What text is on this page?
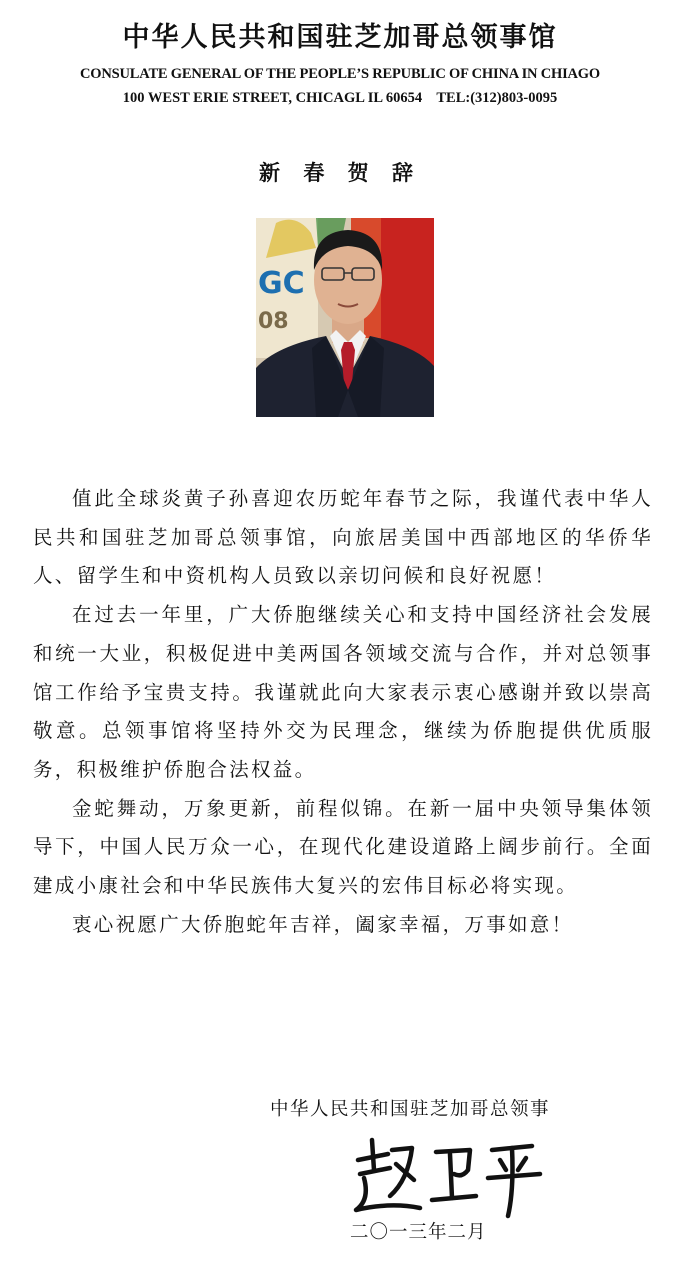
中华人民共和国驻芝加哥总领事馆
CONSULATE GENERAL OF THE PEOPLE’S REPUBLIC OF CHINA IN CHIAGO
100 WEST ERIE STREET, CHICAGL IL 60654    TEL:(312)803-0095
新 春 贺 辞
GC
08

值此全球炎黄子孙喜迎农历蛇年春节之际，我谨代表中华人民共和国驻芝加哥总领事馆，向旅居美国中西部地区的华侨华人、留学生和中资机构人员致以亲切问候和良好祝愿！

在过去一年里，广大侨胞继续关心和支持中国经济社会发展和统一大业，积极促进中美两国各领域交流与合作，并对总领事馆工作给予宝贵支持。我谨就此向大家表示衷心感谢并致以崇高敬意。总领事馆将坚持外交为民理念，继续为侨胞提供优质服务，积极维护侨胞合法权益。

金蛇舞动，万象更新，前程似锦。在新一届中央领导集体领导下，中国人民万众一心，在现代化建设道路上阔步前行。全面建成小康社会和中华民族伟大复兴的宏伟目标必将实现。

衷心祝愿广大侨胞蛇年吉祥，阖家幸福，万事如意！

中华人民共和国驻芝加哥总领事
二〇一三年二月
